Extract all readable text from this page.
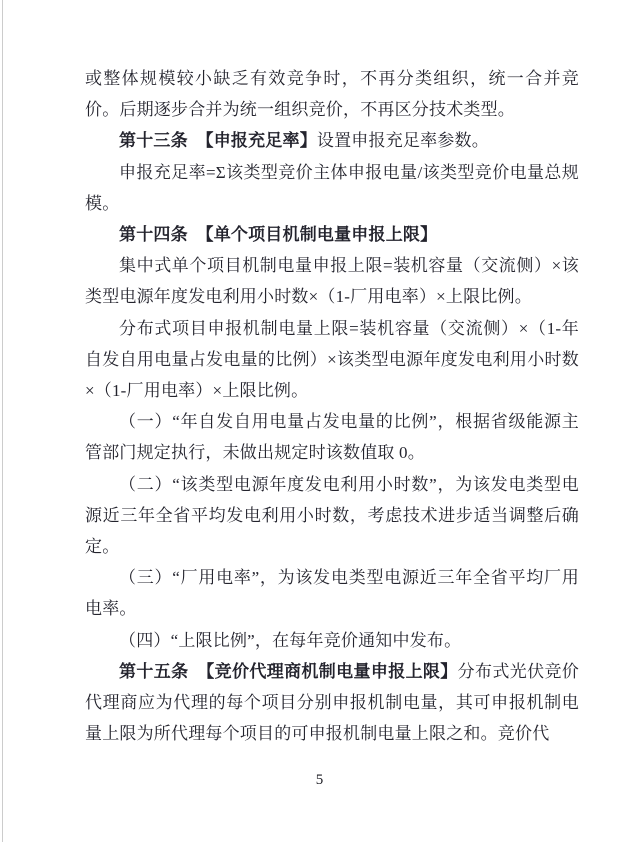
或整体规模较小缺乏有效竞争时，不再分类组织，统一合并竞价。后期逐步合并为统一组织竞价，不再区分技术类型。

第十三条　【申报充足率】设置申报充足率参数。

申报充足率=Σ该类型竞价主体申报电量/该类型竞价电量总规模。

第十四条　【单个项目机制电量申报上限】

集中式单个项目机制电量申报上限=装机容量（交流侧）×该类型电源年度发电利用小时数×（1-厂用电率）×上限比例。

分布式项目申报机制电量上限=装机容量（交流侧）×（1-年自发自用电量占发电量的比例）×该类型电源年度发电利用小时数×（1-厂用电率）×上限比例。

（一）“年自发自用电量占发电量的比例”，根据省级能源主管部门规定执行，未做出规定时该数值取 0。

（二）“该类型电源年度发电利用小时数”，为该发电类型电源近三年全省平均发电利用小时数，考虑技术进步适当调整后确定。

（三）“厂用电率”，为该发电类型电源近三年全省平均厂用电率。

（四）“上限比例”，在每年竞价通知中发布。

第十五条　【竞价代理商机制电量申报上限】分布式光伏竞价代理商应为代理的每个项目分别申报机制电量，其可申报机制电量上限为所代理每个项目的可申报机制电量上限之和。竞价代

5
